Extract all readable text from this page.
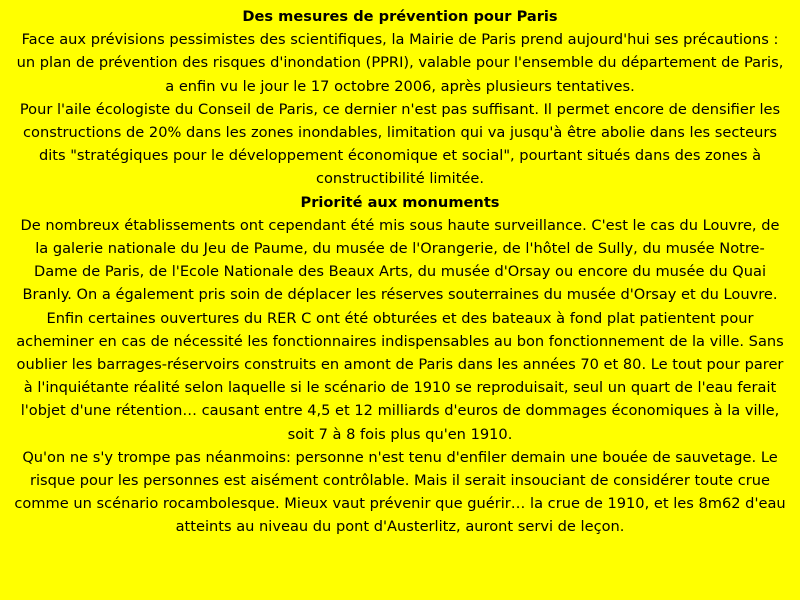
Des mesures de prévention pour Paris

Face aux prévisions pessimistes des scientifiques, la Mairie de Paris prend aujourd'hui ses précautions : un plan de prévention des risques d'inondation (PPRI), valable pour l'ensemble du département de Paris, a enfin vu le jour le 17 octobre 2006, après plusieurs tentatives.

Pour l'aile écologiste du Conseil de Paris, ce dernier n'est pas suffisant. Il permet encore de densifier les constructions de 20% dans les zones inondables, limitation qui va jusqu'à être abolie dans les secteurs dits "stratégiques pour le développement économique et social", pourtant situés dans des zones à constructibilité limitée.

Priorité aux monuments

De nombreux établissements ont cependant été mis sous haute surveillance. C'est le cas du Louvre, de la galerie nationale du Jeu de Paume, du musée de l'Orangerie, de l'hôtel de Sully, du musée Notre-Dame de Paris, de l'Ecole Nationale des Beaux Arts, du musée d'Orsay ou encore du musée du Quai Branly. On a également pris soin de déplacer les réserves souterraines du musée d'Orsay et du Louvre. Enfin certaines ouvertures du RER C ont été obturées et des bateaux à fond plat patientent pour acheminer en cas de nécessité les fonctionnaires indispensables au bon fonctionnement de la ville. Sans oublier les barrages-réservoirs construits en amont de Paris dans les années 70 et 80. Le tout pour parer à l'inquiétante réalité selon laquelle si le scénario de 1910 se reproduisait, seul un quart de l'eau ferait l'objet d'une rétention… causant entre 4,5 et 12 milliards d'euros de dommages économiques à la ville, soit 7 à 8 fois plus qu'en 1910.

Qu'on ne s'y trompe pas néanmoins: personne n'est tenu d'enfiler demain une bouée de sauvetage. Le risque pour les personnes est aisément contrôlable. Mais il serait insouciant de considérer toute crue comme un scénario rocambolesque. Mieux vaut prévenir que guérir… la crue de 1910, et les 8m62 d'eau atteints au niveau du pont d'Austerlitz, auront servi de leçon.
